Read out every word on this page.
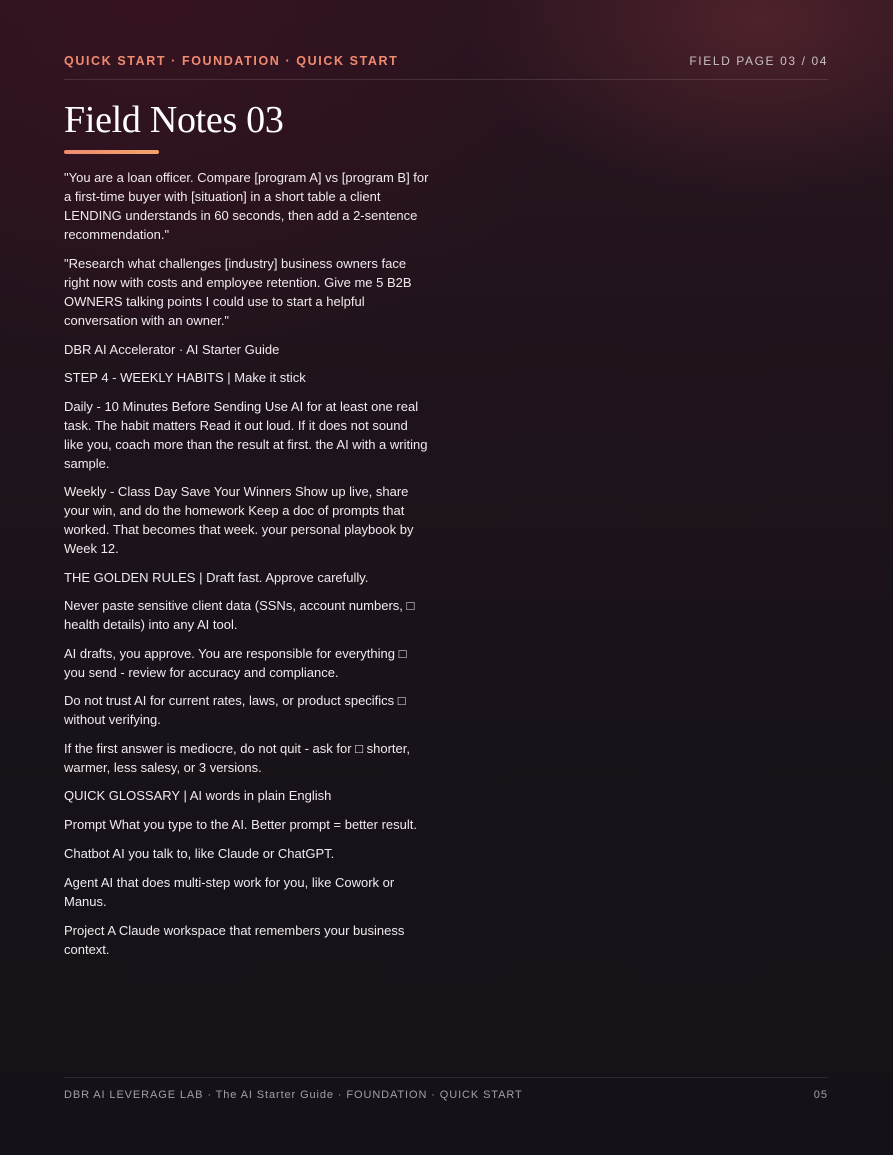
QUICK START · FOUNDATION · QUICK START	FIELD PAGE 03 / 04
Field Notes 03

"You are a loan officer. Compare [program A] vs [program B] for a first-time buyer with [situation] in a short table a client LENDING understands in 60 seconds, then add a 2-sentence recommendation."

"Research what challenges [industry] business owners face right now with costs and employee retention. Give me 5 B2B OWNERS talking points I could use to start a helpful conversation with an owner."

DBR AI Accelerator · AI Starter Guide

STEP 4 - WEEKLY HABITS | Make it stick

Daily - 10 Minutes Before Sending Use AI for at least one real task. The habit matters Read it out loud. If it does not sound like you, coach more than the result at first. the AI with a writing sample.

Weekly - Class Day Save Your Winners Show up live, share your win, and do the homework Keep a doc of prompts that worked. That becomes that week. your personal playbook by Week 12.

THE GOLDEN RULES | Draft fast. Approve carefully.

Never paste sensitive client data (SSNs, account numbers, □ health details) into any AI tool.

AI drafts, you approve. You are responsible for everything □ you send - review for accuracy and compliance.

Do not trust AI for current rates, laws, or product specifics □ without verifying.

If the first answer is mediocre, do not quit - ask for □ shorter, warmer, less salesy, or 3 versions.

QUICK GLOSSARY | AI words in plain English

Prompt What you type to the AI. Better prompt = better result.

Chatbot AI you talk to, like Claude or ChatGPT.

Agent AI that does multi-step work for you, like Cowork or Manus.

Project A Claude workspace that remembers your business context.

DBR AI LEVERAGE LAB · The AI Starter Guide · FOUNDATION · QUICK START	05
